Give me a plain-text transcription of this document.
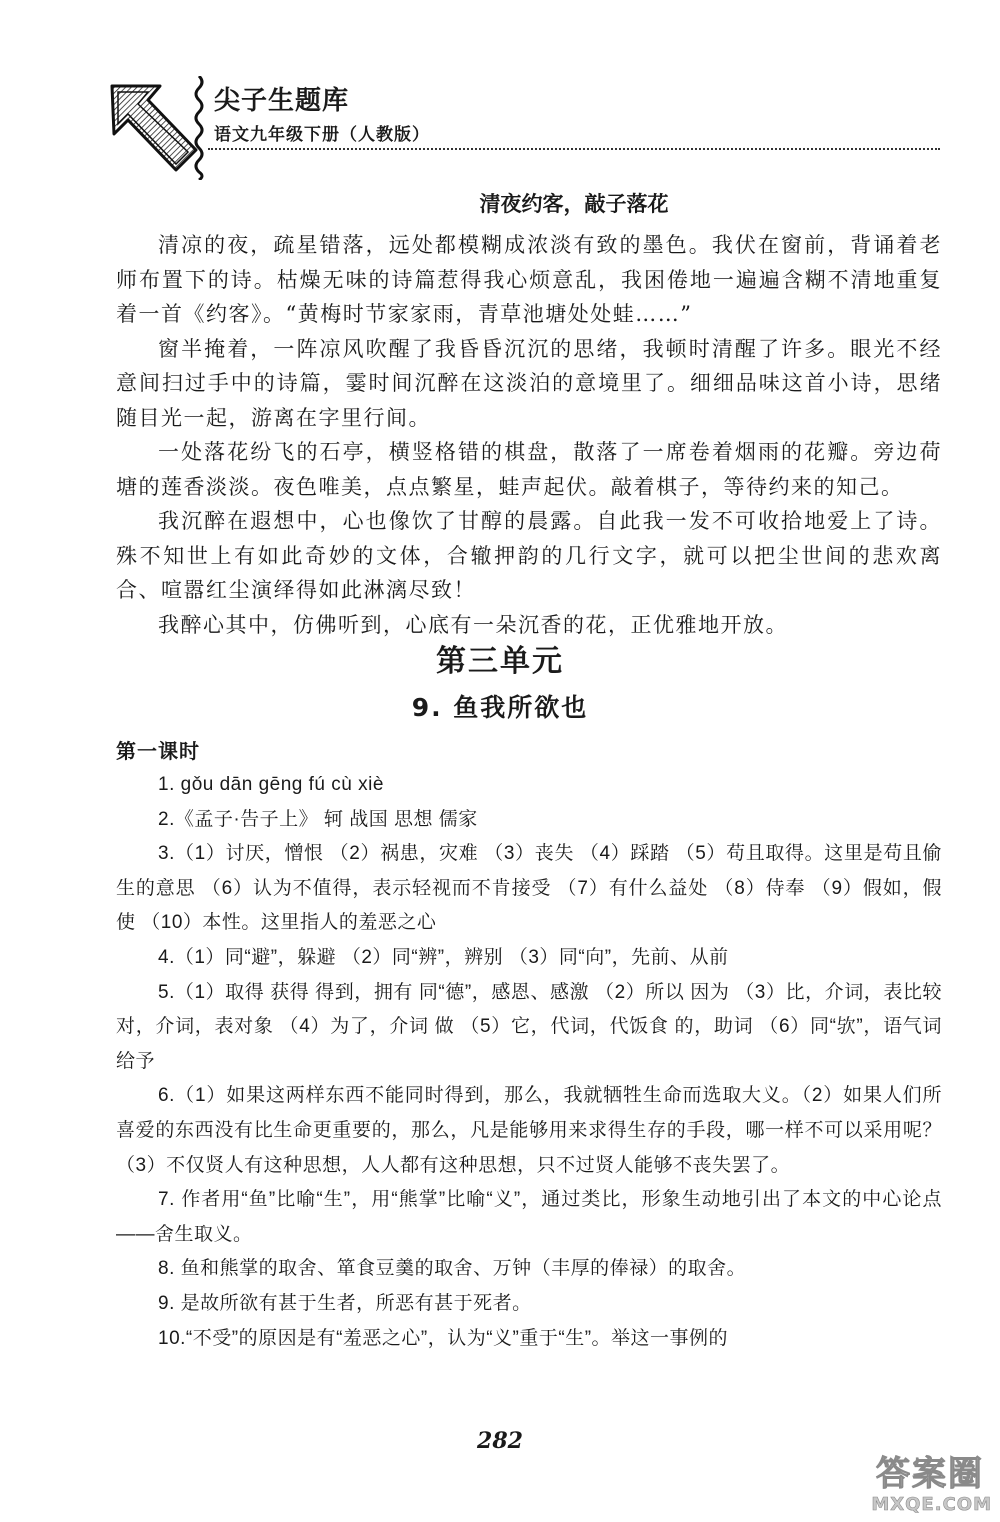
尖子生题库
语文九年级下册（人教版）
清夜约客，敲子落花

清凉的夜，疏星错落，远处都模糊成浓淡有致的墨色。我伏在窗前，背诵着老师布置下的诗。枯燥无味的诗篇惹得我心烦意乱，我困倦地一遍遍含糊不清地重复着一首《约客》。“黄梅时节家家雨，青草池塘处处蛙……”

窗半掩着，一阵凉风吹醒了我昏昏沉沉的思绪，我顿时清醒了许多。眼光不经意间扫过手中的诗篇，霎时间沉醉在这淡泊的意境里了。细细品味这首小诗，思绪随目光一起，游离在字里行间。

一处落花纷飞的石亭，横竖格错的棋盘，散落了一席卷着烟雨的花瓣。旁边荷塘的莲香淡淡。夜色唯美，点点繁星，蛙声起伏。敲着棋子，等待约来的知己。

我沉醉在遐想中，心也像饮了甘醇的晨露。自此我一发不可收拾地爱上了诗。殊不知世上有如此奇妙的文体，合辙押韵的几行文字，就可以把尘世间的悲欢离合、喧嚣红尘演绎得如此淋漓尽致！

我醉心其中，仿佛听到，心底有一朵沉香的花，正优雅地开放。

第三单元
9. 鱼我所欲也
第一课时

1. gǒu dān gēng fú cù xiè

2.《孟子·告子上》 轲 战国 思想 儒家

3.（1）讨厌，憎恨 （2）祸患，灾难 （3）丧失 （4）踩踏 （5）苟且取得。这里是苟且偷生的意思 （6）认为不值得，表示轻视而不肯接受 （7）有什么益处 （8）侍奉 （9）假如，假使 （10）本性。这里指人的羞恶之心

4.（1）同“避”，躲避 （2）同“辨”，辨别 （3）同“向”，先前、从前

5.（1）取得 获得 得到，拥有 同“德”，感恩、感激 （2）所以 因为 （3）比，介词，表比较 对，介词，表对象 （4）为了，介词 做 （5）它，代词，代饭食 的，助词 （6）同“欤”，语气词 给予

6.（1）如果这两样东西不能同时得到，那么，我就牺牲生命而选取大义。（2）如果人们所喜爱的东西没有比生命更重要的，那么，凡是能够用来求得生存的手段，哪一样不可以采用呢？ （3）不仅贤人有这种思想，人人都有这种思想，只不过贤人能够不丧失罢了。

7. 作者用“鱼”比喻“生”，用“熊掌”比喻“义”，通过类比，形象生动地引出了本文的中心论点——舍生取义。

8. 鱼和熊掌的取舍、箪食豆羹的取舍、万钟（丰厚的俸禄）的取舍。

9. 是故所欲有甚于生者，所恶有甚于死者。

10.“不受”的原因是有“羞恶之心”，认为“义”重于“生”。举这一事例的

282
答案圈
MXQE.COM
